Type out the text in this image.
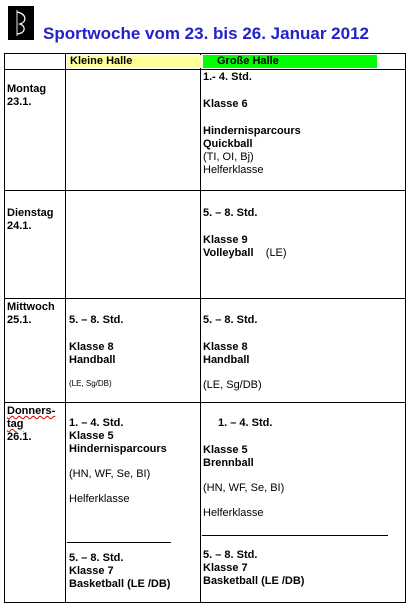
Sportwoche vom 23. bis 26. Januar 2012
Kleine Halle	Große Halle
Montag
23.1.
1.- 4. Std.
Klasse 6
Hindernisparcours
Quickball
(TI, OI, Bj)
Helferklasse
Dienstag
24.1.
5. – 8. Std.
Klasse 9
Volleyball (LE)
Mittwoch
25.1.	5. – 8. Std.
Klasse 8
Handball
(LE, Sg/DB)
5. – 8. Std.
Klasse 8
Handball
(LE, Sg/DB)
Donners-
tag
26.1.
1. – 4. Std.
Klasse 5
Hindernisparcours
(HN, WF, Se, BI)
Helferklasse
5. – 8. Std.
Klasse 7
Basketball (LE /DB)
1. – 4. Std.
Klasse 5
Brennball
(HN, WF, Se, BI)
Helferklasse
5. – 8. Std.
Klasse 7
Basketball (LE /DB)
